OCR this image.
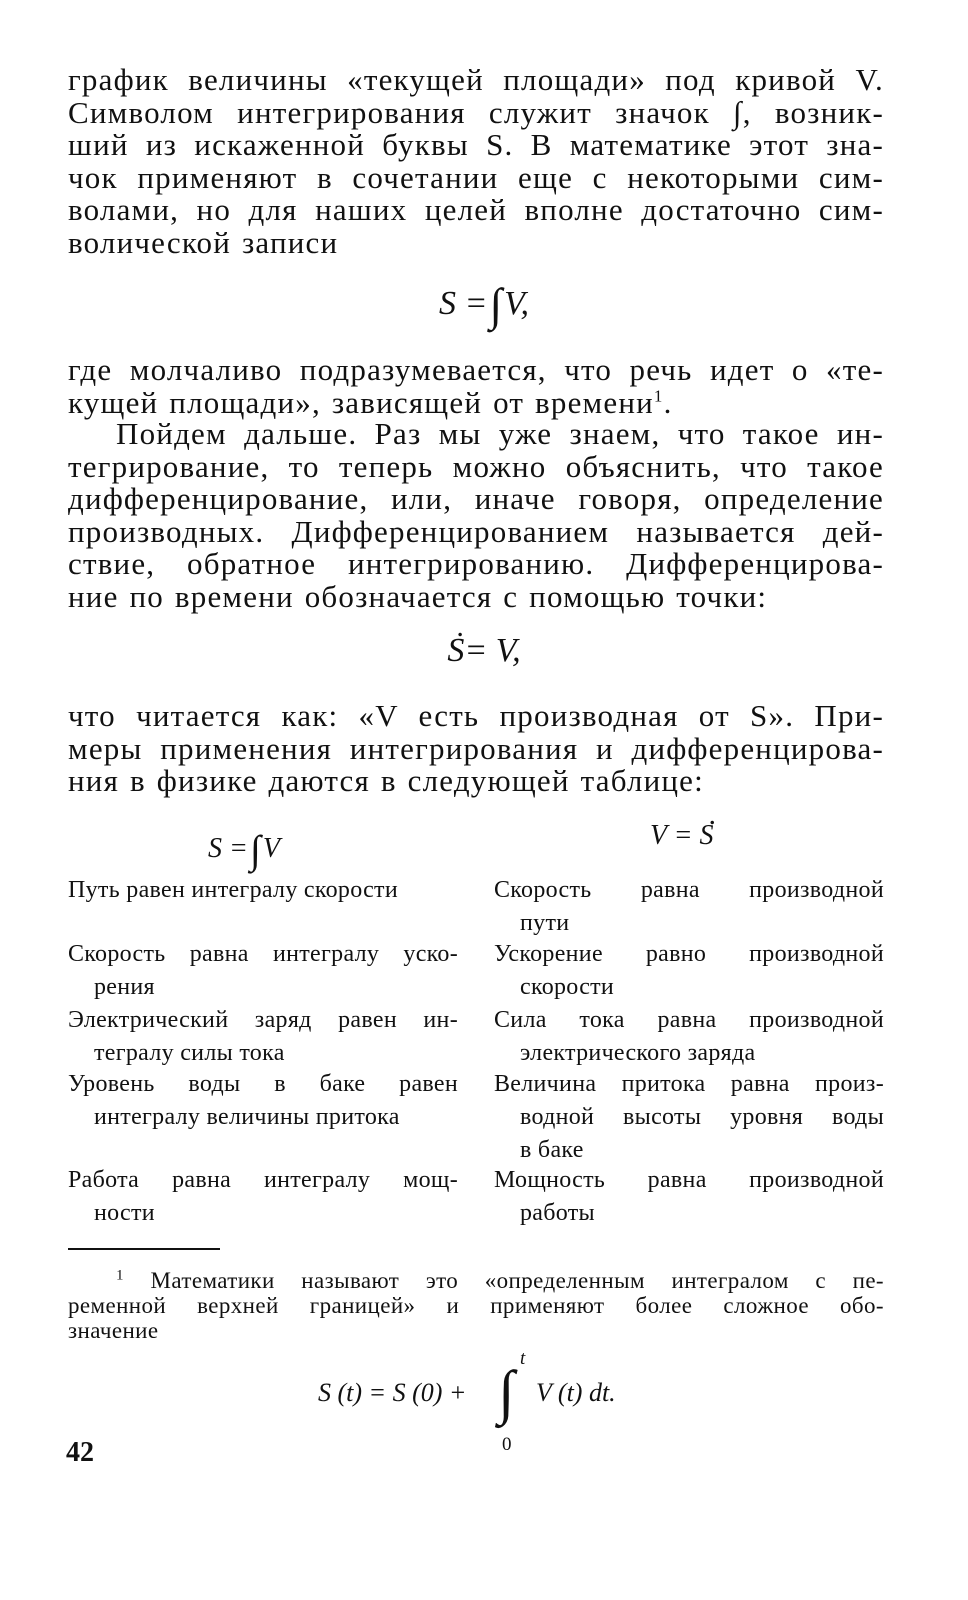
график величины «текущей площади» под кривой V.
Символом интегрирования служит значок ∫, возник-
ший из искаженной буквы S. В математике этот зна-
чок применяют в сочетании еще с некоторыми сим-
волами, но для наших целей вполне достаточно сим-
волической записи
S =∫V,
где молчаливо подразумевается, что речь идет о «те-
кущей площади», зависящей от времени$^1$.
Пойдем дальше. Раз мы уже знаем, что такое ин-
тегрирование, то теперь можно объяснить, что такое
дифференцирование, или, иначе говоря, определение
производных. Дифференцированием называется дей-
ствие, обратное интегрированию. Дифференцирова-
ние по времени обозначается с помощью точки:
. S= V,
что читается как: «V есть производная от S». При-
меры применения интегрирования и дифференцирова-
ния в физике даются в следующей таблице:
S =∫V	V = . S
Путь равен интегралу скорости	Скорость равна производной
пути
Скорость равна интегралу уско-
рения
Ускорение равно производной
скорости
Электрический заряд равен ин-
тегралу силы тока
Сила тока равна производной
электрического заряда
Уровень воды в баке равен
интегралу величины притока
Величина притока равна произ-
водной высоты уровня воды
в баке
Работа равна интегралу мощ-
ности
Мощность равна производной
работы
$^1$ Математики называют это «определенным интегралом с пе-
ременной верхней границей» и применяют более сложное обо-
значение
S (t) = S (0) +
t
∫
0
V (t) dt.
42
